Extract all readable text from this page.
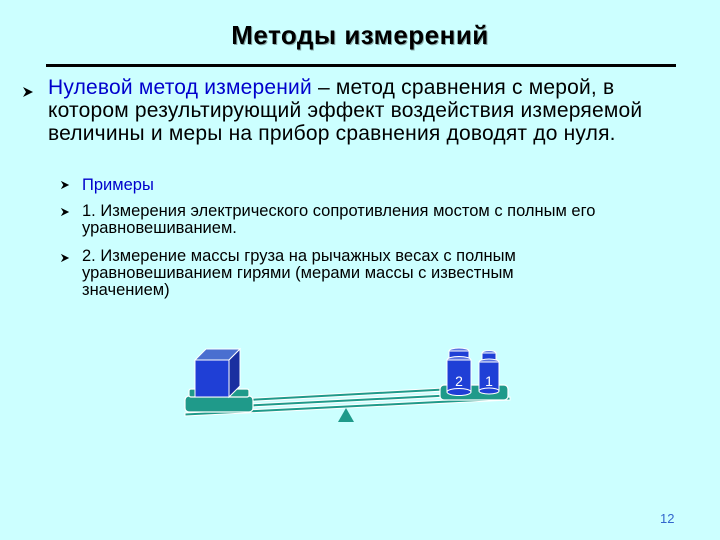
Методы измерений
Нулевой метод измерений – метод сравнения с мерой, в котором результирующий эффект воздействия измеряемой величины и меры на прибор сравнения доводят до нуля.
Примеры
1. Измерения электрического сопротивления мостом с полным его уравновешиванием.
2. Измерение массы груза на рычажных весах с полным уравновешиванием гирями (мерами массы с известным значением)
2 1
12
